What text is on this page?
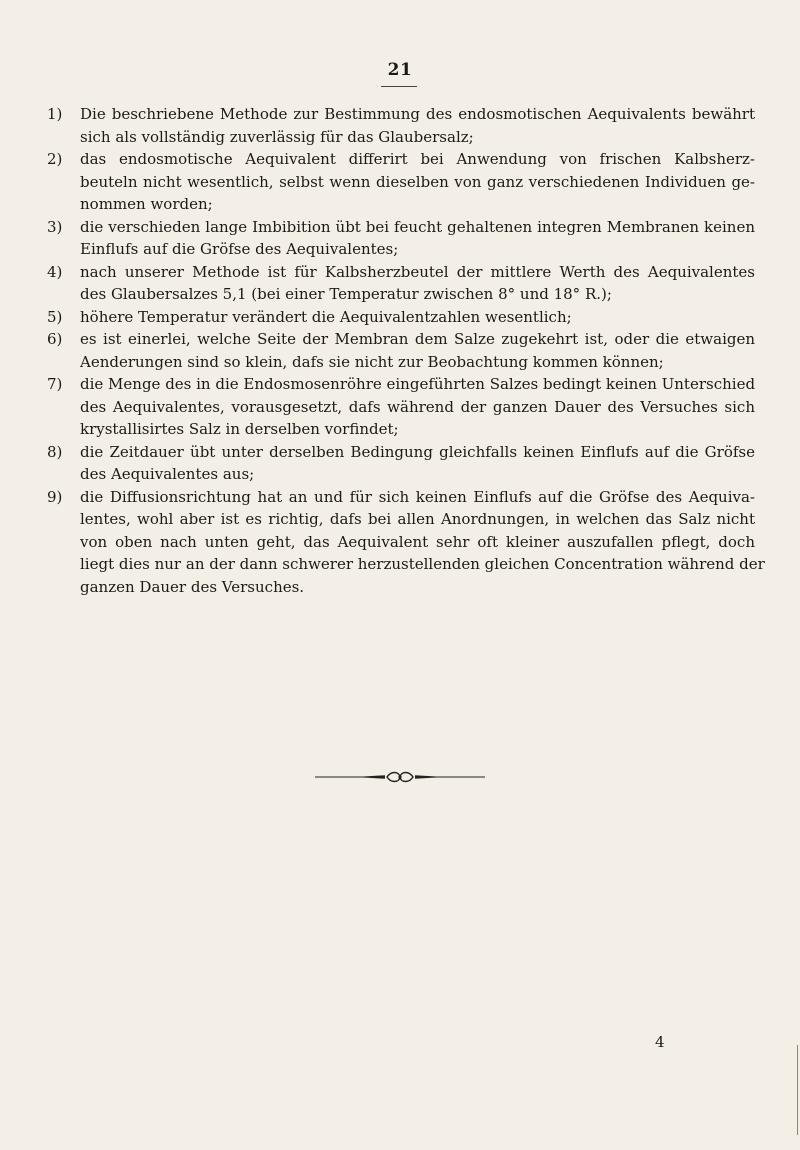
21
1)	Die beschriebene Methode zur Bestimmung des endosmotischen Aequivalents bewährt
sich als vollständig zuverlässig für das Glaubersalz;
2)	das endosmotische Aequivalent differirt bei Anwendung von frischen Kalbsherz-
beuteln nicht wesentlich, selbst wenn dieselben von ganz verschiedenen Individuen ge-
nommen worden;
3)	die verschieden lange Imbibition übt bei feucht gehaltenen integren Membranen keinen
Einflufs auf die Gröfse des Aequivalentes;
4)	nach unserer Methode ist für Kalbsherzbeutel der mittlere Werth des Aequivalentes
des Glaubersalzes 5,1 (bei einer Temperatur zwischen 8° und 18° R.);
5)	höhere Temperatur verändert die Aequivalentzahlen wesentlich;
6)	es ist einerlei, welche Seite der Membran dem Salze zugekehrt ist, oder die etwaigen
Aenderungen sind so klein, dafs sie nicht zur Beobachtung kommen können;
7)	die Menge des in die Endosmosenröhre eingeführten Salzes bedingt keinen Unterschied
des Aequivalentes, vorausgesetzt, dafs während der ganzen Dauer des Versuches sich
krystallisirtes Salz in derselben vorfindet;
8)	die Zeitdauer übt unter derselben Bedingung gleichfalls keinen Einflufs auf die Gröfse
des Aequivalentes aus;
9)	die Diffusionsrichtung hat an und für sich keinen Einflufs auf die Gröfse des Aequiva-
lentes, wohl aber ist es richtig, dafs bei allen Anordnungen, in welchen das Salz nicht
von oben nach unten geht, das Aequivalent sehr oft kleiner auszufallen pflegt, doch
liegt dies nur an der dann schwerer herzustellenden gleichen Concentration während der
ganzen Dauer des Versuches.
4
